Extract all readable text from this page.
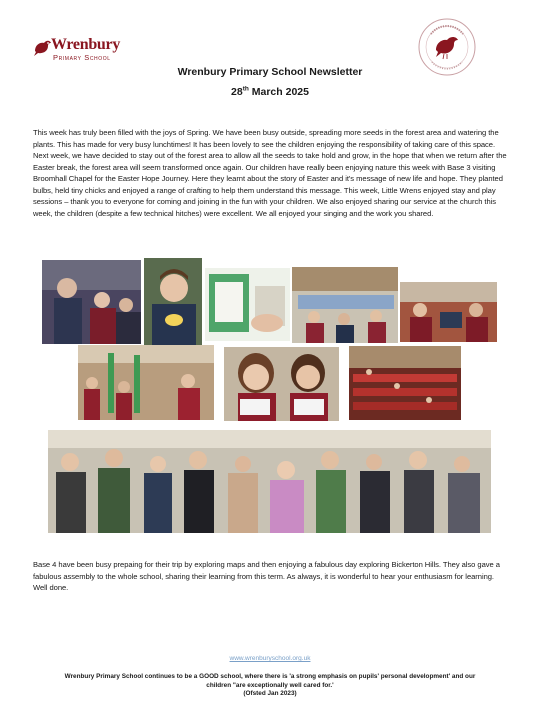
Wrenbury
Primary School
Wrenbury Primary School Newsletter
28th March 2025

This week has truly been filled with the joys of Spring. We have been busy outside, spreading more seeds in the forest area and watering the plants. This has made for very busy lunchtimes! It has been lovely to see the children enjoying the responsibility of taking care of this space. Next week, we have decided to stay out of the forest area to allow all the seeds to take hold and grow, in the hope that when we return after the Easter break, the forest area will seem transformed once again. Our children have really been enjoying nature this week with Base 3 visiting Broomhall Chapel for the Easter Hope Journey. Here they learnt about the story of Easter and it's message of new life and hope. They planted bulbs, held tiny chicks and enjoyed a range of crafting to help them understand this message. This week, Little Wrens enjoyed stay and play sessions – thank you to everyone for coming and joining in the fun with your children. We also enjoyed sharing our service at the church this week, the children (despite a few technical hitches) were excellent. We all enjoyed your singing and the work you shared.

Base 4 have been busy prepaing for their trip by exploring maps and then enjoying a fabulous day exploring Bickerton Hills. They also gave a fabulous assembly to the whole school, sharing their learning from this term. As always, it is wonderful to hear your enthusiasm for learning. Well done.

www.wrenburyschool.org.uk
Wrenbury Primary School continues to be a GOOD school, where there is 'a strong emphasis on pupils' personal development' and our
children "are exceptionally well cared for.'
(Ofsted Jan 2023)
